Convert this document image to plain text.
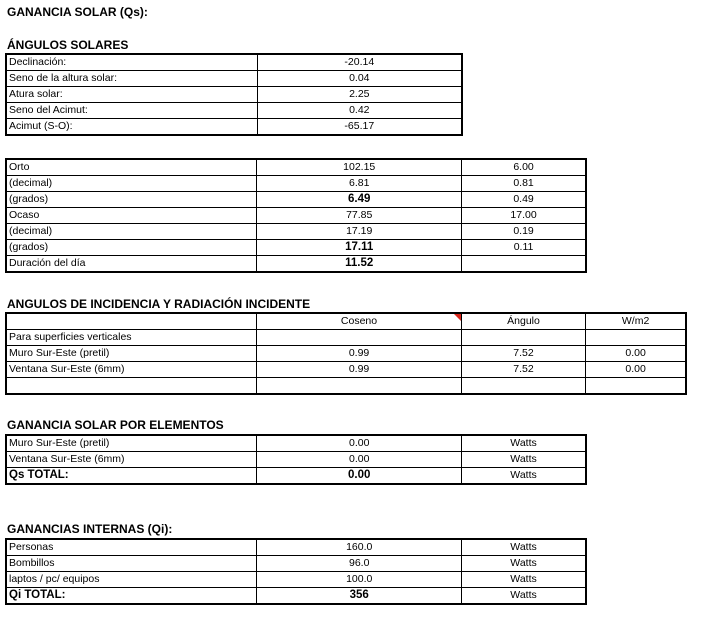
GANANCIA SOLAR (Qs):
ÁNGULOS SOLARES
Declinación:	-20.14
Seno de la altura solar:	0.04
Atura solar:	2.25
Seno del Acimut:	0.42
Acimut (S-O):	-65.17
Orto	102.15	6.00
(decimal)	6.81	0.81
(grados)	6.49	0.49
Ocaso	77.85	17.00
(decimal)	17.19	0.19
(grados)	17.11	0.11
Duración del día	11.52	
ANGULOS DE INCIDENCIA Y RADIACIÓN INCIDENTE
	Coseno	Ángulo	W/m2
Para superficies verticales			
Muro Sur-Este (pretil)	0.99	7.52	0.00
Ventana Sur-Este (6mm)	0.99	7.52	0.00

GANANCIA SOLAR POR ELEMENTOS
Muro Sur-Este (pretil)	0.00	Watts
Ventana Sur-Este (6mm)	0.00	Watts
Qs TOTAL:	0.00	Watts
GANANCIAS INTERNAS (Qi):
Personas	160.0	Watts
Bombillos	96.0	Watts
laptos / pc/ equipos	100.0	Watts
Qi TOTAL:	356	Watts
